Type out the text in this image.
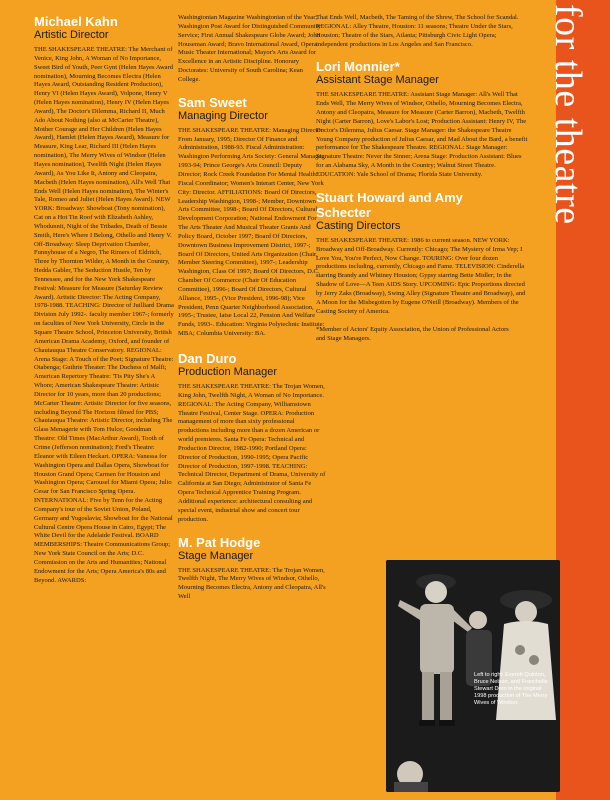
for the theatre
Michael Kahn
Artistic Director

THE SHAKESPEARE THEATRE: The Merchant of Venice, King John, A Woman of No Importance, Sweet Bird of Youth, Peer Gynt (Helen Hayes Award nomination), Mourning Becomes Electra (Helen Hayes Award, Outstanding Resident Production), Henry VI (Helen Hayes Award), Volpone, Henry V (Helen Hayes nomination), Henry IV (Helen Hayes Award), The Doctor's Dilemma, Richard II, Much Ado About Nothing (also at McCarter Theatre), Mother Courage and Her Children (Helen Hayes Award), Hamlet (Helen Hayes Award), Measure for Measure, King Lear, Richard III (Helen Hayes nomination), The Merry Wives of Windsor (Helen Hayes nomination), Twelfth Night (Helen Hayes Award), As You Like It, Antony and Cleopatra, Macbeth (Helen Hayes nomination), All's Well That Ends Well (Helen Hayes nomination), The Winter's Tale, Romeo and Juliet (Helen Hayes Award). NEW YORK: Broadway: Showboat (Tony nomination), Cat on a Hot Tin Roof with Elizabeth Ashley, Whodunnit, Night of the Tribades, Death of Bessie Smith, Here's Where I Belong, Othello and Henry V. Off-Broadway: Sleep Deprivation Chamber, Funnyhouse of a Negro, The Rimers of Eldritch, Three by Thornton Wilder, A Month in the Country, Hedda Gabler, The Seduction Hustle, Ten by Tennessee, and for the New York Shakespeare Festival: Measure for Measure (Saturday Review Award). Artistic Director: The Acting Company, 1978-1988. TEACHING: Director of Juilliard Drama Division July 1992-. faculty member 1967-; formerly on faculties of New York University, Circle in the Square Theatre School, Princeton University, British American Drama Academy, Oxford, and founder of Chautauqua Theatre Conservatory. REGIONAL: Arena Stage: A Touch of the Poet; Signature Theatre: Otabenga; Guthrie Theater: The Duchess of Malfi; American Repertory Theatre: 'Tis Pity She's A Whore; American Shakespeare Theatre: Artistic Director for 10 years, more than 20 productions; McCarter Theatre: Artistic Director for five seasons, including Beyond The Horizon filmed for PBS; Chautauqua Theatre: Artistic Director, including The Glass Menagerie with Tom Hulce; Goodman Theatre: Old Times (MacArthur Award), Tooth of Crime (Jefferson nomination); Ford's Theatre: Eleanor with Eileen Heckart. OPERA: Vanessa for Washington Opera and Dallas Opera, Showboat for Houston Grand Opera; Carmen for Houston and Washington Opera; Carousel for Miami Opera; Julio Cesar for San Francisco Spring Opera. INTERNATIONAL: Five by Tenn for the Acting Company's tour of the Soviet Union, Poland, Germany and Yugoslavia; Showboat for the National Cultural Centre Opera House in Cairo, Egypt; The White Devil for the Adelaide Festival. BOARD MEMBERSHIPS: Theatre Communications Group; New York State Council on the Arts; D.C. Commission on the Arts and Humanities; National Endowment for the Arts; Opera America's 80s and Beyond. AWARDS:

Washingtonian Magazine Washingtonian of the Year; Washington Post Award for Distinguished Community Service; First Annual Shakespeare Globe Award; John Houseman Award; Bravo International Award, Opera Music Theater International; Mayor's Arts Award for Excellence in an Artistic Discipline. Honorary Doctorates: University of South Carolina; Kean College.

Sam Sweet
Managing Director

THE SHAKESPEARE THEATRE: Managing Director From January, 1995; Director Of Finance and Administration, 1988-93. Fiscal Administration: Washington Performing Arts Society: General Manager, 1993-94; Prince George's Arts Council: Deputy Director; Rock Creek Foundation For Mental Health: Fiscal Coordinator; Women's Interart Center, New York City: Director. AFFILIATIONS: Board Of Directors, Leadership Washington, 1998-; Member, Downtown Arts Committee, 1998-; Board Of Directors, Cultural Development Corporation; National Endowment For The Arts Theater And Musical Theater Grants And Policy Board, October 1997; Board Of Directors, Downtown Business Improvement District, 1997-; Board Of Directors, United Arts Organization (Chair, Member Steering Committee), 1997-; Leadership Washington, Class Of 1997; Board Of Directors, D.C. Chamber Of Commerce (Chair Of Education Committee), 1996-; Board Of Directors, Cultural Alliance, 1995-, (Vice President, 1996-98); Vice President, Penn Quarter Neighborhood Association, 1995-; Trustee, Iatse Local 22, Pension And Welfare Funds, 1993-. Education: Virginia Polytechnic Institute: MBA; Columbia University: BA.

Dan Duro
Production Manager

THE SHAKESPEARE THEATRE: The Trojan Women, King John, Twelfth Night, A Woman of No Importance. REGIONAL: The Acting Company, Williamstown Theatre Festival, Center Stage. OPERA: Production management of more than sixty professional productions including more than a dozen American or world premieres. Santa Fe Opera: Technical and Production Director, 1982-1990; Portland Opera: Director of Production, 1990-1995; Opera Pacific Director of Production, 1997-1998. TEACHING: Technical Director, Department of Drama, University of California at San Diego; Administrator of Santa Fe Opera Technical Apprentice Training Program. Additional experience: architectural consulting and special event, industrial show and concert tour production.

M. Pat Hodge
Stage Manager

THE SHAKESPEARE THEATRE: The Trojan Women, Twelfth Night, The Merry Wives of Windsor, Othello, Mourning Becomes Electra, Antony and Cleopatra, All's Well

That Ends Well, Macbeth, The Taming of the Shrew, The School for Scandal. REGIONAL: Alley Theatre, Houston: 11 seasons; Theatre Under the Stars, Houston; Theatre of the Stars, Atlanta; Pittsburgh Civic Light Opera; independent productions in Los Angeles and San Francisco.

Lori Monnier*
Assistant Stage Manager

THE SHAKESPEARE THEATRE: Assistant Stage Manager: All's Well That Ends Well, The Merry Wives of Windsor, Othello, Mourning Becomes Electra, Antony and Cleopatra, Measure for Measure (Carter Barron), Macbeth, Twelfth Night (Carter Barron), Love's Labor's Lost; Production Assistant: Henry IV, The Doctor's Dilemma, Julius Caesar. Stage Manager: the Shakespeare Theatre Young Company production of Julius Caesar, and Mad About the Bard, a benefit performance for The Shakespeare Theatre. REGIONAL: Stage Manager: Signature Theatre: Never the Sinner; Arena Stage: Production Assistant: Blues for an Alabama Sky, A Month in the Country; Walnut Street Theatre. EDUCATION: Yale School of Drama; Florida State University.

Stuart Howard and Amy Schecter
Casting Directors

THE SHAKESPEARE THEATRE: 1986 to current season. NEW YORK: Broadway and Off-Broadway. Currently: Chicago; The Mystery of Irma Vep; I Love You, You're Perfect, Now Change. TOURING: Over four dozen productions including, currently, Chicago and Fame. TELEVISION: Cinderella starring Brandy and Whitney Houston; Gypsy starring Bette Midler; In the Shadow of Love—A Teen AIDS Story. UPCOMING: Epic Proportions directed by Jerry Zaks (Broadway), Swing Alley (Signature Theatre and Broadway), and A Moon for the Misbegotten by Eugene O'Neill (Broadway). Members of the Casting Society of America.

*Member of Actors' Equity Association, the Union of Professional Actors and Stage Managers.

Left to right: Everett Quinton, Bruce Nelson, and Franchelle Stewart Dorn in the original 1998 production of The Merry Wives of Windsor.
